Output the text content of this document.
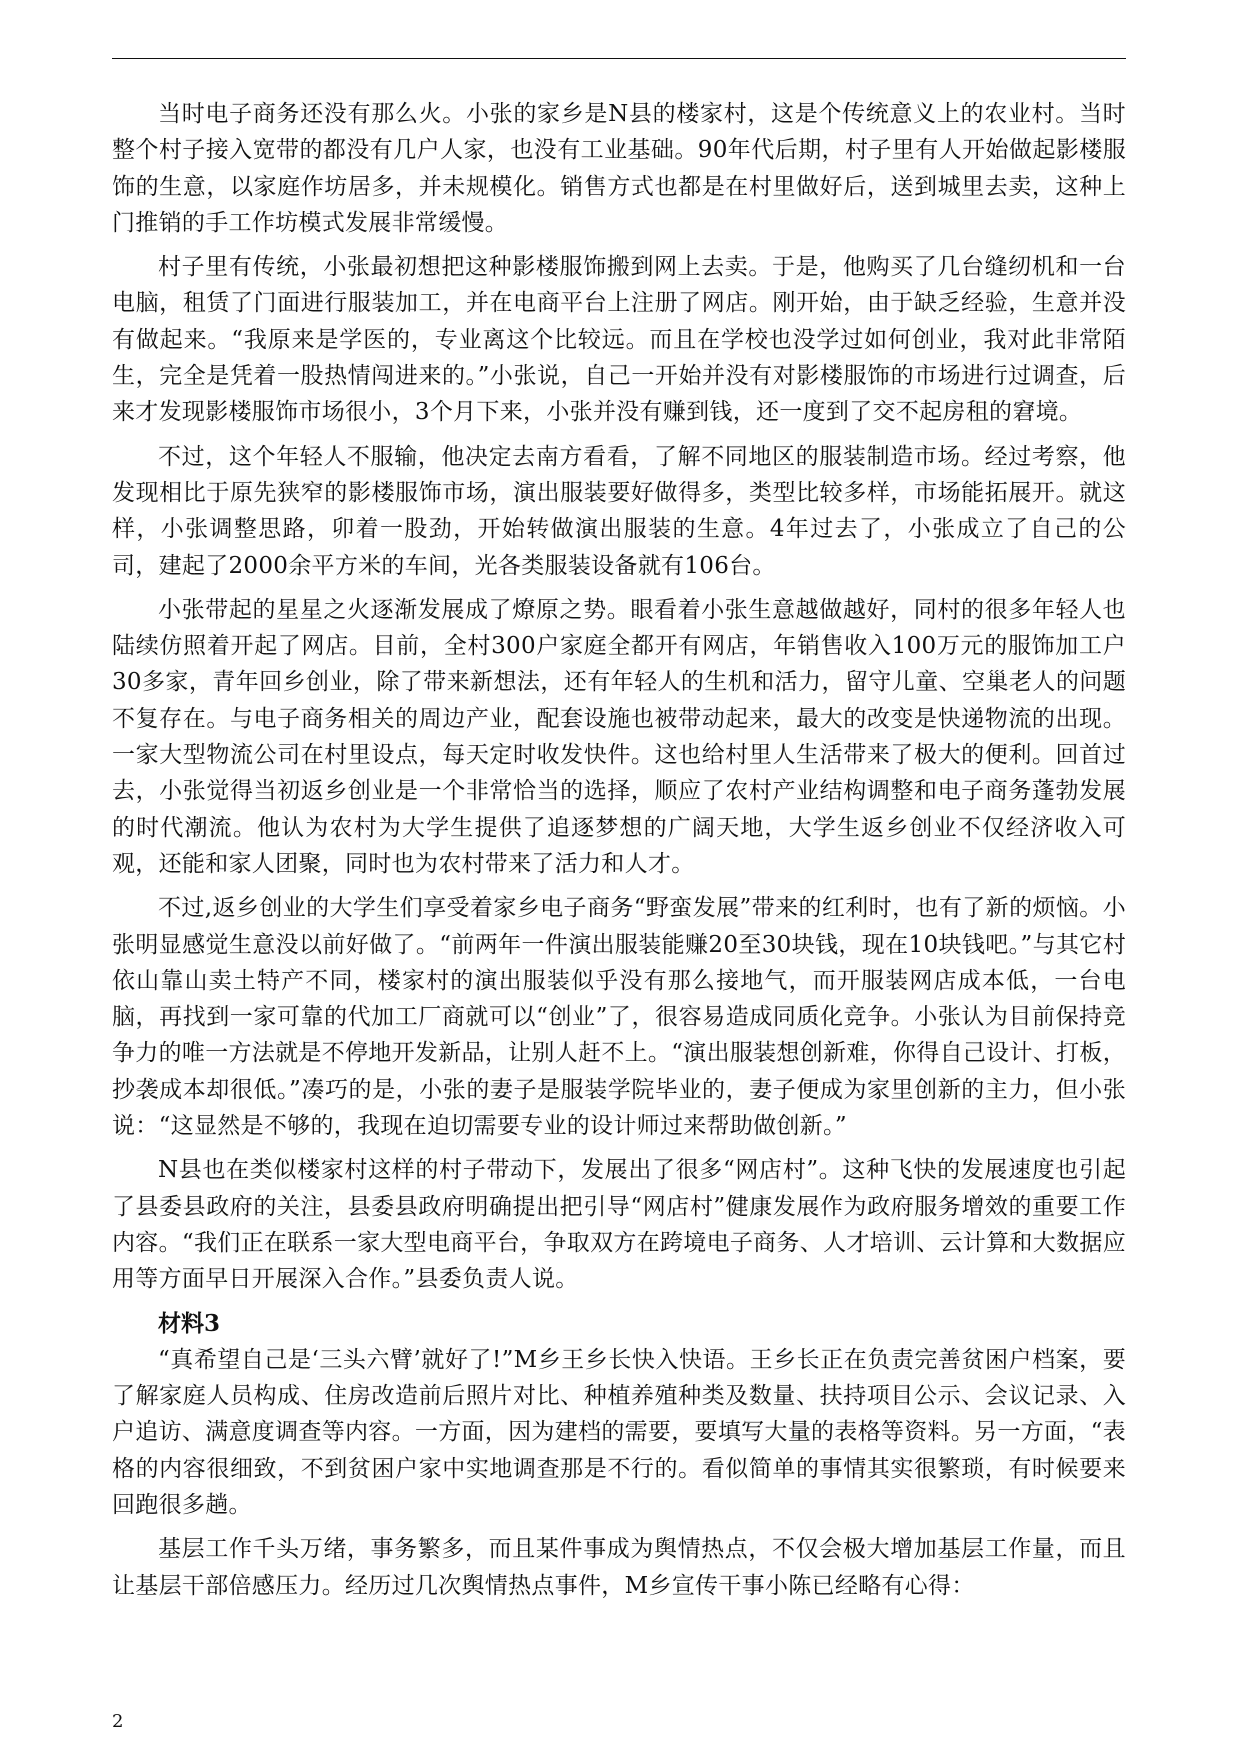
当时电子商务还没有那么火。小张的家乡是N县的楼家村，这是个传统意义上的农业村。当时整个村子接入宽带的都没有几户人家，也没有工业基础。90年代后期，村子里有人开始做起影楼服饰的生意，以家庭作坊居多，并未规模化。销售方式也都是在村里做好后，送到城里去卖，这种上门推销的手工作坊模式发展非常缓慢。

村子里有传统，小张最初想把这种影楼服饰搬到网上去卖。于是，他购买了几台缝纫机和一台电脑，租赁了门面进行服装加工，并在电商平台上注册了网店。刚开始，由于缺乏经验，生意并没有做起来。“我原来是学医的，专业离这个比较远。而且在学校也没学过如何创业，我对此非常陌生，完全是凭着一股热情闯进来的。”小张说，自己一开始并没有对影楼服饰的市场进行过调查，后来才发现影楼服饰市场很小，3个月下来，小张并没有赚到钱，还一度到了交不起房租的窘境。

不过，这个年轻人不服输，他决定去南方看看，了解不同地区的服装制造市场。经过考察，他发现相比于原先狭窄的影楼服饰市场，演出服装要好做得多，类型比较多样，市场能拓展开。就这样，小张调整思路，卯着一股劲，开始转做演出服装的生意。4年过去了，小张成立了自己的公司，建起了2000余平方米的车间，光各类服装设备就有106台。

小张带起的星星之火逐渐发展成了燎原之势。眼看着小张生意越做越好，同村的很多年轻人也陆续仿照着开起了网店。目前，全村300户家庭全都开有网店，年销售收入100万元的服饰加工户30多家，青年回乡创业，除了带来新想法，还有年轻人的生机和活力，留守儿童、空巢老人的问题不复存在。与电子商务相关的周边产业，配套设施也被带动起来，最大的改变是快递物流的出现。一家大型物流公司在村里设点，每天定时收发快件。这也给村里人生活带来了极大的便利。回首过去，小张觉得当初返乡创业是一个非常恰当的选择，顺应了农村产业结构调整和电子商务蓬勃发展的时代潮流。他认为农村为大学生提供了追逐梦想的广阔天地，大学生返乡创业不仅经济收入可观，还能和家人团聚，同时也为农村带来了活力和人才。

不过,返乡创业的大学生们享受着家乡电子商务“野蛮发展”带来的红利时，也有了新的烦恼。小张明显感觉生意没以前好做了。“前两年一件演出服装能赚20至30块钱，现在10块钱吧。”与其它村依山靠山卖土特产不同，楼家村的演出服装似乎没有那么接地气，而开服装网店成本低，一台电脑，再找到一家可靠的代加工厂商就可以“创业”了，很容易造成同质化竞争。小张认为目前保持竞争力的唯一方法就是不停地开发新品，让别人赶不上。“演出服装想创新难，你得自己设计、打板，抄袭成本却很低。”凑巧的是，小张的妻子是服装学院毕业的，妻子便成为家里创新的主力，但小张说：“这显然是不够的，我现在迫切需要专业的设计师过来帮助做创新。”

N县也在类似楼家村这样的村子带动下，发展出了很多“网店村”。这种飞快的发展速度也引起了县委县政府的关注，县委县政府明确提出把引导“网店村”健康发展作为政府服务增效的重要工作内容。“我们正在联系一家大型电商平台，争取双方在跨境电子商务、人才培训、云计算和大数据应用等方面早日开展深入合作。”县委负责人说。

材料3

“真希望自己是‘三头六臂’就好了!”M乡王乡长快入快语。王乡长正在负责完善贫困户档案，要了解家庭人员构成、住房改造前后照片对比、种植养殖种类及数量、扶持项目公示、会议记录、入户追访、满意度调查等内容。一方面，因为建档的需要，要填写大量的表格等资料。另一方面，“表格的内容很细致，不到贫困户家中实地调查那是不行的。看似简单的事情其实很繁琐，有时候要来回跑很多趟。

基层工作千头万绪，事务繁多，而且某件事成为舆情热点，不仅会极大增加基层工作量，而且让基层干部倍感压力。经历过几次舆情热点事件，M乡宣传干事小陈已经略有心得：

2
